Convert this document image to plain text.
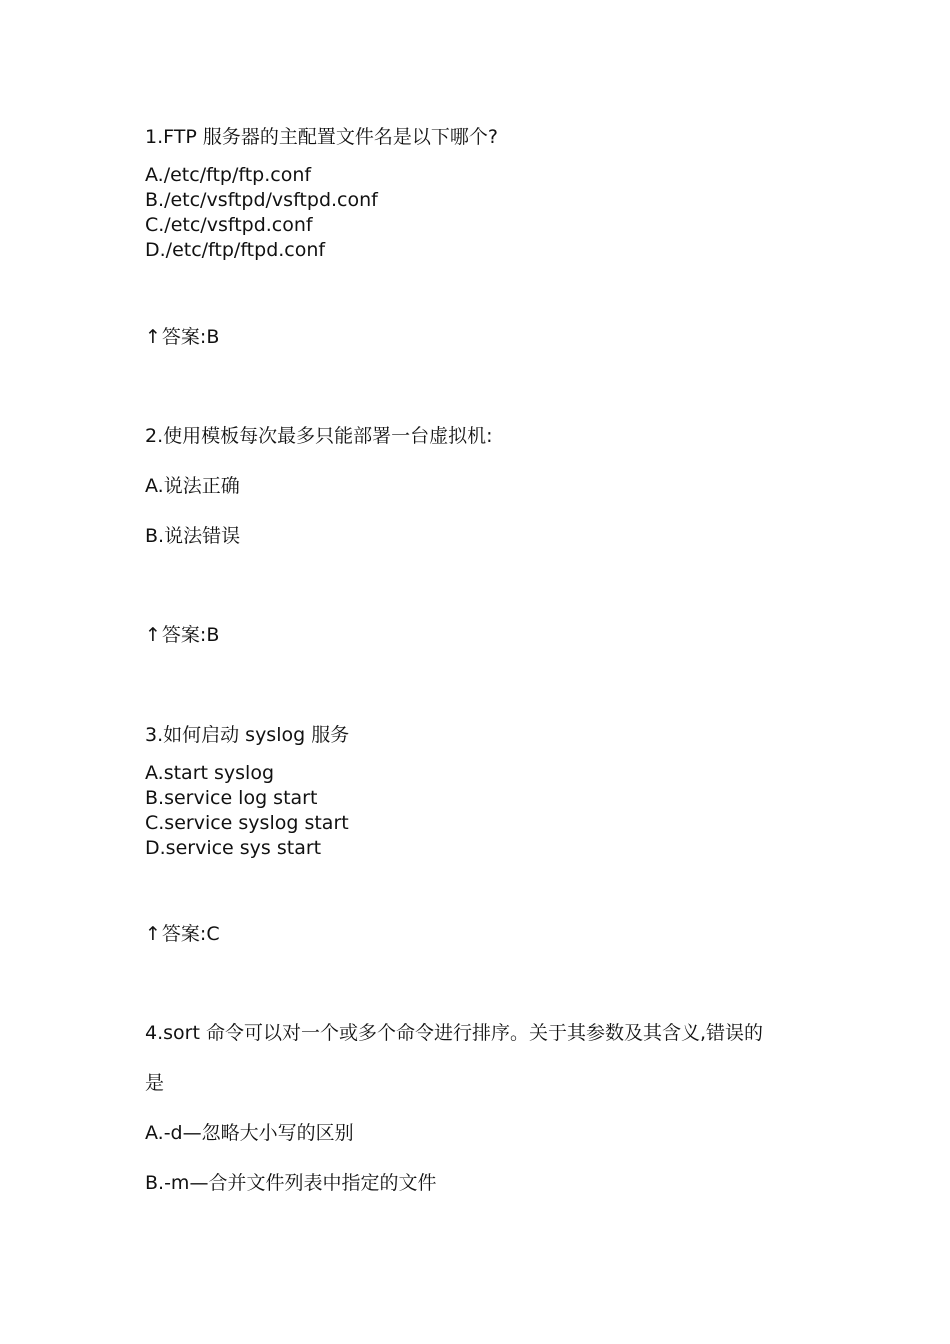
1.FTP 服务器的主配置文件名是以下哪个?
A./etc/ftp/ftp.conf
B./etc/vsftpd/vsftpd.conf
C./etc/vsftpd.conf
D./etc/ftp/ftpd.conf
↑答案:B
2.使用模板每次最多只能部署一台虚拟机:
A.说法正确
B.说法错误
↑答案:B
3.如何启动 syslog 服务
A.start syslog
B.service log start
C.service syslog start
D.service sys start
↑答案:C
4.sort 命令可以对一个或多个命令进行排序。关于其参数及其含义,错误的
是
A.-d—忽略大小写的区别
B.-m—合并文件列表中指定的文件
